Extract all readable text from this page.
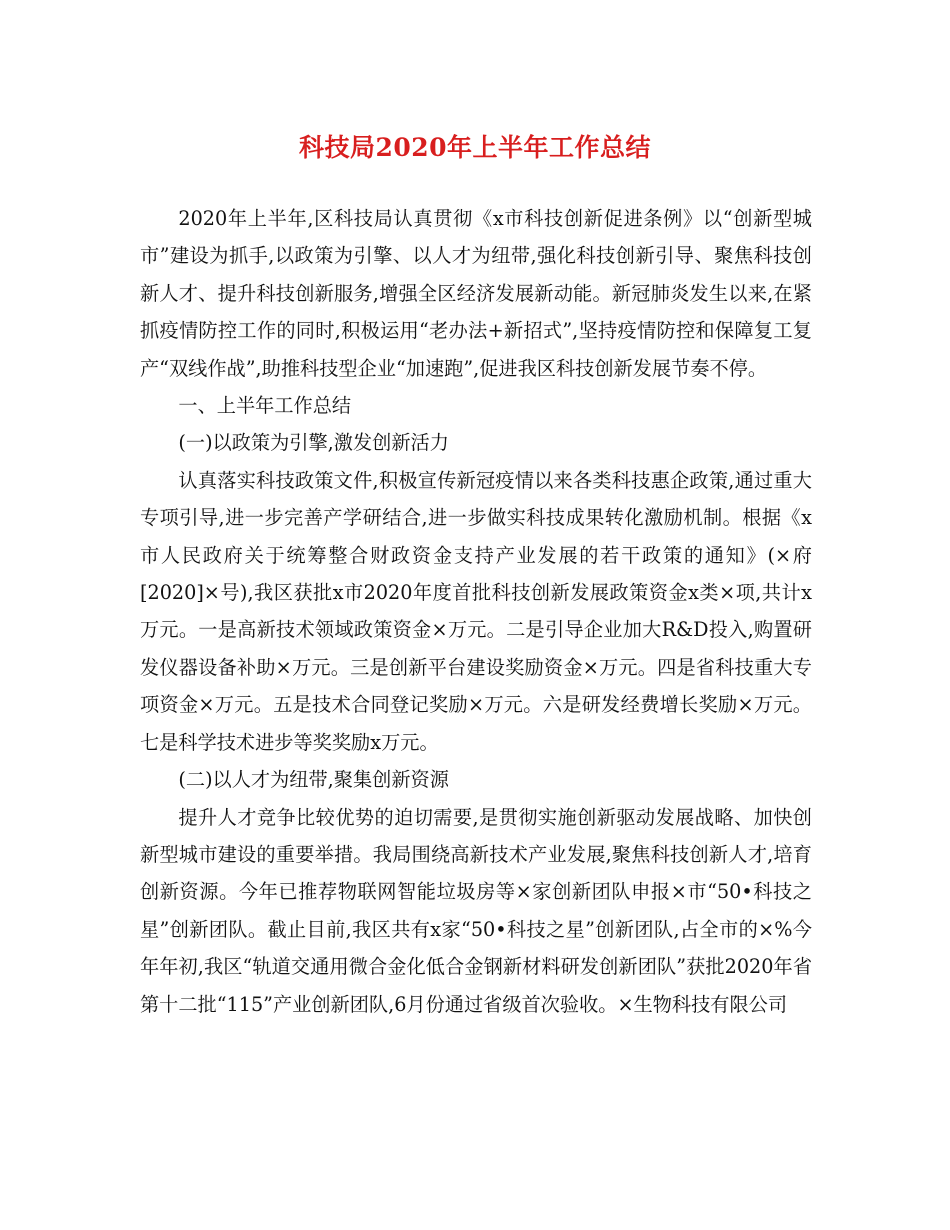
科技局2020年上半年工作总结

2020年上半年,区科技局认真贯彻《x市科技创新促进条例》以“创新型城市”建设为抓手,以政策为引擎、以人才为纽带,强化科技创新引导、聚焦科技创新人才、提升科技创新服务,增强全区经济发展新动能。新冠肺炎发生以来,在紧抓疫情防控工作的同时,积极运用“老办法+新招式”,坚持疫情防控和保障复工复产“双线作战”,助推科技型企业“加速跑”,促进我区科技创新发展节奏不停。

一、上半年工作总结

(一)以政策为引擎,激发创新活力

认真落实科技政策文件,积极宣传新冠疫情以来各类科技惠企政策,通过重大专项引导,进一步完善产学研结合,进一步做实科技成果转化激励机制。根据《x市人民政府关于统筹整合财政资金支持产业发展的若干政策的通知》(×府[2020]×号),我区获批x市2020年度首批科技创新发展政策资金x类×项,共计x万元。一是高新技术领域政策资金×万元。二是引导企业加大R&D投入,购置研发仪器设备补助×万元。三是创新平台建设奖励资金×万元。四是省科技重大专项资金×万元。五是技术合同登记奖励×万元。六是研发经费增长奖励×万元。七是科学技术进步等奖奖励x万元。

(二)以人才为纽带,聚集创新资源

提升人才竞争比较优势的迫切需要,是贯彻实施创新驱动发展战略、加快创新型城市建设的重要举措。我局围绕高新技术产业发展,聚焦科技创新人才,培育创新资源。今年已推荐物联网智能垃圾房等×家创新团队申报×市“50•科技之星”创新团队。截止目前,我区共有x家“50•科技之星”创新团队,占全市的×%今年年初,我区“轨道交通用微合金化低合金钢新材料研发创新团队”获批2020年省第十二批“115”产业创新团队,6月份通过省级首次验收。×生物科技有限公司
